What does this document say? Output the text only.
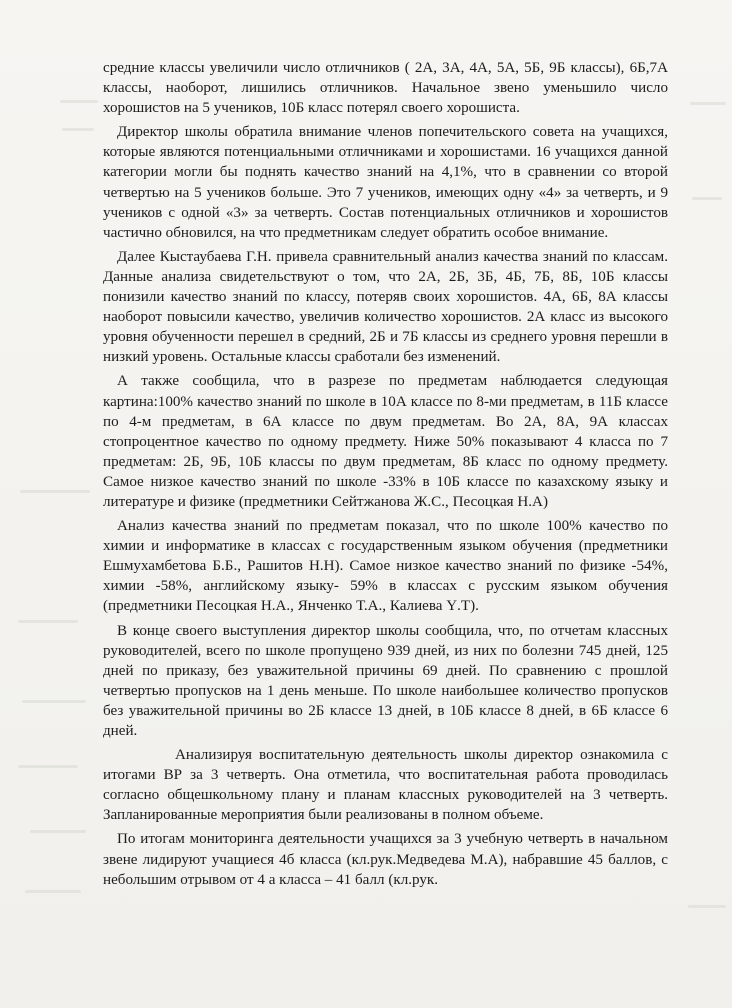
средние классы увеличили число отличников ( 2А, 3А, 4А, 5А, 5Б, 9Б классы), 6Б,7А классы, наоборот, лишились отличников. Начальное звено уменьшило число хорошистов на 5 учеников, 10Б класс потерял своего хорошиста.

Директор школы обратила внимание членов попечительского совета на учащихся, которые являются потенциальными отличниками и хорошистами. 16 учащихся данной категории могли бы поднять качество знаний на 4,1%, что в сравнении со второй четвертью на 5 учеников больше. Это 7 учеников, имеющих одну «4» за четверть, и 9 учеников с одной «3» за четверть. Состав потенциальных отличников и хорошистов частично обновился, на что предметникам следует обратить особое внимание.

Далее Кыстаубаева Г.Н. привела сравнительный анализ качества знаний по классам. Данные анализа свидетельствуют о том, что 2А, 2Б, 3Б, 4Б, 7Б, 8Б, 10Б классы понизили качество знаний по классу, потеряв своих хорошистов. 4А, 6Б, 8А классы наоборот повысили качество, увеличив количество хорошистов. 2А класс из высокого уровня обученности перешел в средний, 2Б и 7Б классы из среднего уровня перешли в низкий уровень. Остальные классы сработали без изменений.

А также сообщила, что в разрезе по предметам наблюдается следующая картина:100% качество знаний по школе в 10А классе по 8-ми предметам, в 11Б классе по 4-м предметам, в 6А классе по двум предметам. Во 2А, 8А, 9А классах стопроцентное качество по одному предмету. Ниже 50% показывают 4 класса по 7 предметам: 2Б, 9Б, 10Б классы по двум предметам, 8Б класс по одному предмету. Самое низкое качество знаний по школе -33% в 10Б классе по казахскому языку и литературе и физике (предметники Сейтжанова Ж.С., Песоцкая Н.А)

Анализ качества знаний по предметам показал, что по школе 100% качество по химии и информатике в классах с государственным языком обучения (предметники Ешмухамбетова Б.Б., Рашитов Н.Н). Самое низкое качество знаний по физике -54%, химии -58%, английскому языку- 59% в классах с русским языком обучения (предметники Песоцкая Н.А., Янченко Т.А., Калиева Ү.Т).

В конце своего выступления директор школы сообщила, что, по отчетам классных руководителей, всего по школе пропущено 939 дней, из них по болезни 745 дней, 125 дней по приказу, без уважительной причины 69 дней. По сравнению с прошлой четвертью пропусков на 1 день меньше. По школе наибольшее количество пропусков без уважительной причины во 2Б классе 13 дней, в 10Б классе 8 дней, в 6Б классе 6 дней.

Анализируя воспитательную деятельность школы директор ознакомила с итогами ВР за 3 четверть. Она отметила, что воспитательная работа проводилась согласно общешкольному плану и планам классных руководителей на 3 четверть. Запланированные мероприятия были реализованы в полном объеме.

По итогам мониторинга деятельности учащихся за 3 учебную четверть в начальном звене лидируют учащиеся 4б класса (кл.рук.Медведева М.А), набравшие 45 баллов, с небольшим отрывом от 4 а класса – 41 балл (кл.рук.
